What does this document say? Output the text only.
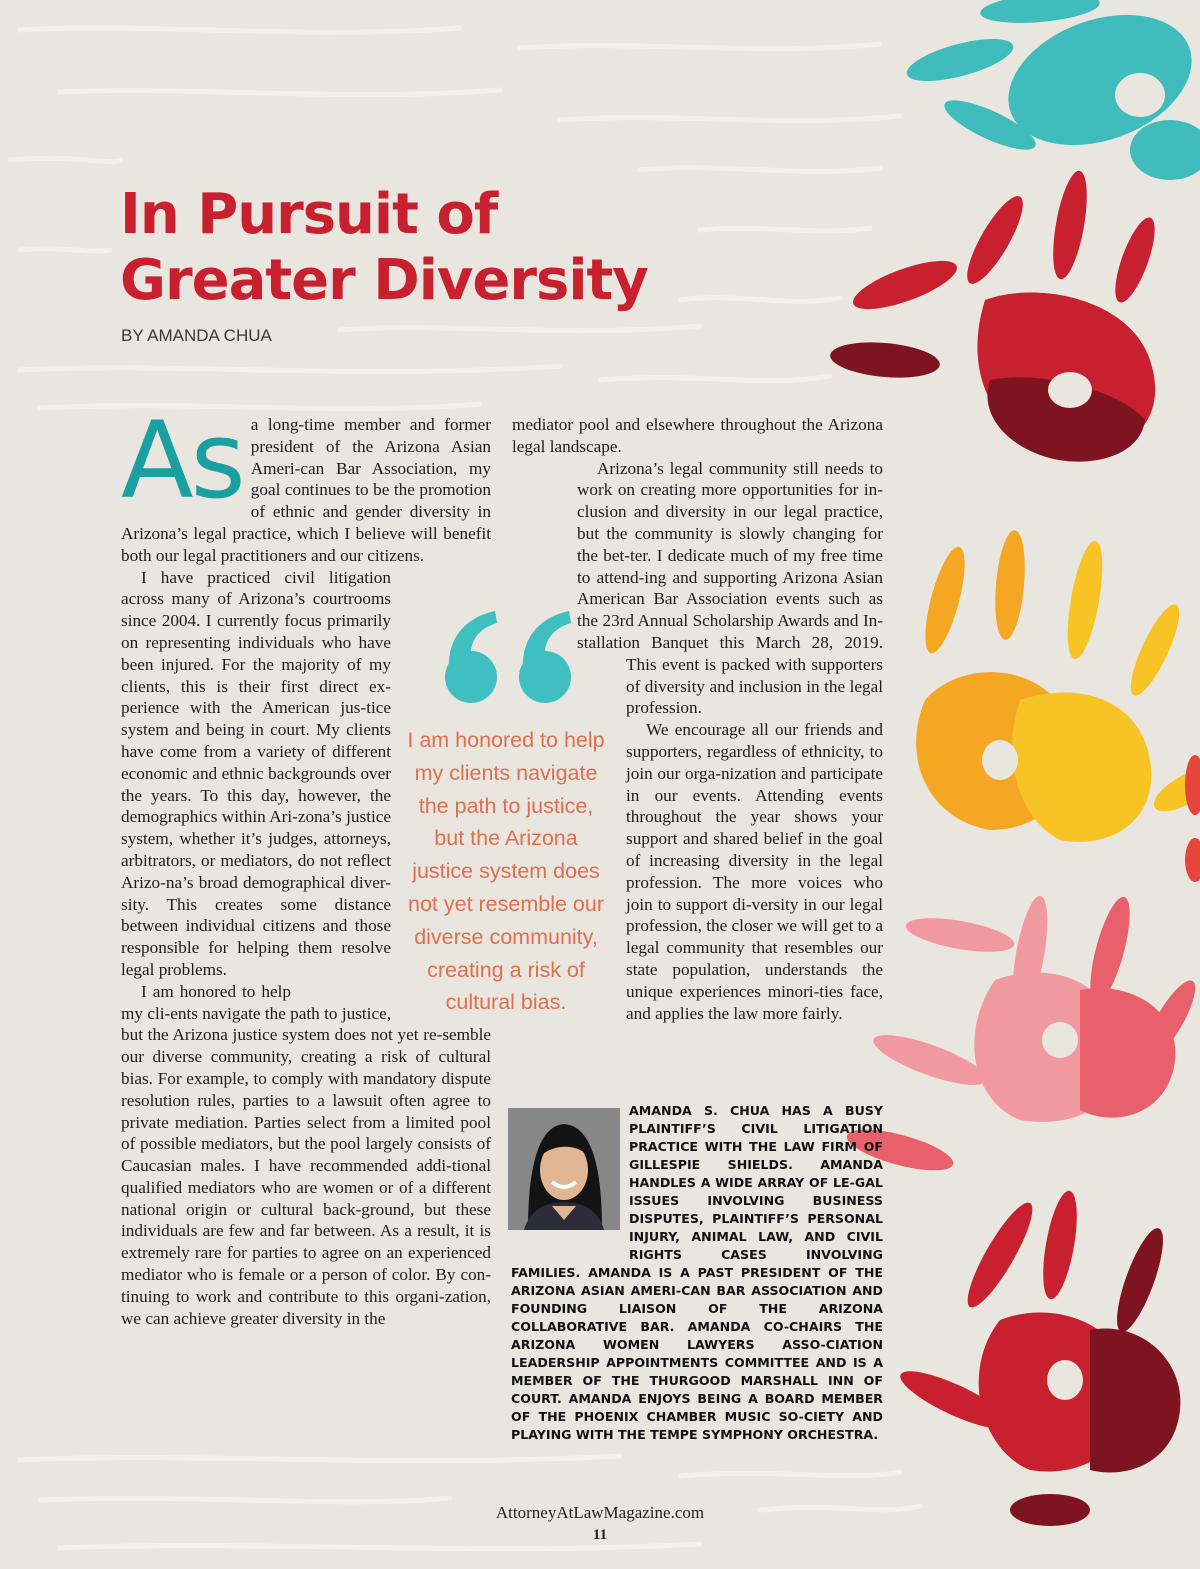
In Pursuit of
Greater Diversity
BY AMANDA CHUA

As a long-time member and former president of the Arizona Asian Ameri-can Bar Association, my goal continues to be the promotion of ethnic and gender diversity in Arizona’s legal practice, which I believe will benefit both our legal practitioners and our citizens.

I have practiced civil litigation across many of Arizona’s courtrooms since 2004. I currently focus primarily on representing individuals who have been injured. For the majority of my clients, this is their first direct ex-perience with the American jus-tice system and being in court. My clients have come from a variety of different economic and ethnic backgrounds over the years. To this day, however, the demographics within Ari-zona’s justice system, whether it’s judges, attorneys, arbitrators, or mediators, do not reflect Arizo-na’s broad demographical diver-sity. This creates some distance between individual citizens and those responsible for helping them resolve legal problems.

I am honored to help my cli-ents navigate the path to justice, but the Arizona justice system does not yet re-semble our diverse community, creating a risk of cultural bias. For example, to comply with mandatory dispute resolution rules, parties to a lawsuit often agree to private mediation. Parties select from a limited pool of possible mediators, but the pool largely consists of Caucasian males. I have recommended addi-tional qualified mediators who are women or of a different national origin or cultural back-ground, but these individuals are few and far between. As a result, it is extremely rare for parties to agree on an experienced mediator who is female or a person of color. By con-tinuing to work and contribute to this organi-zation, we can achieve greater diversity in the

mediator pool and elsewhere throughout the Arizona legal landscape.

Arizona’s legal community still needs to work on creating more opportunities for in-clusion and diversity in our legal practice, but the community is slowly changing for the bet-ter. I dedicate much of my free time to attend-ing and supporting Arizona Asian American Bar Association events such as the 23rd Annual Scholarship Awards and In-stallation Banquet this March 28, 2019. This event is packed with supporters of diversity and inclusion in the legal profession.

We encourage all our friends and supporters, regardless of ethnicity, to join our orga-nization and participate in our events. Attending events throughout the year shows your support and shared belief in the goal of increasing diversity in the legal profession. The more voices who join to support di-versity in our legal profession, the closer we will get to a legal community that resembles our state population, understands the unique experiences minori-ties face, and applies the law more fairly.

I am honored to help my clients navigate the path to justice, but the Arizona justice system does not yet resemble our diverse community, creating a risk of cultural bias.
AMANDA S. CHUA HAS A BUSY PLAINTIFF’S CIVIL LITIGATION PRACTICE WITH THE LAW FIRM OF GILLESPIE SHIELDS. AMANDA HANDLES A WIDE ARRAY OF LE-GAL ISSUES INVOLVING BUSINESS DISPUTES, PLAINTIFF’S PERSONAL INJURY, ANIMAL LAW, AND CIVIL RIGHTS CASES INVOLVING FAMILIES. AMANDA IS A PAST PRESIDENT OF THE ARIZONA ASIAN AMERI-CAN BAR ASSOCIATION AND FOUNDING LIAISON OF THE ARIZONA COLLABORATIVE BAR. AMANDA CO-CHAIRS THE ARIZONA WOMEN LAWYERS ASSO-CIATION LEADERSHIP APPOINTMENTS COMMITTEE AND IS A MEMBER OF THE THURGOOD MARSHALL INN OF COURT. AMANDA ENJOYS BEING A BOARD MEMBER OF THE PHOENIX CHAMBER MUSIC SO-CIETY AND PLAYING WITH THE TEMPE SYMPHONY ORCHESTRA.
AttorneyAtLawMagazine.com
11
